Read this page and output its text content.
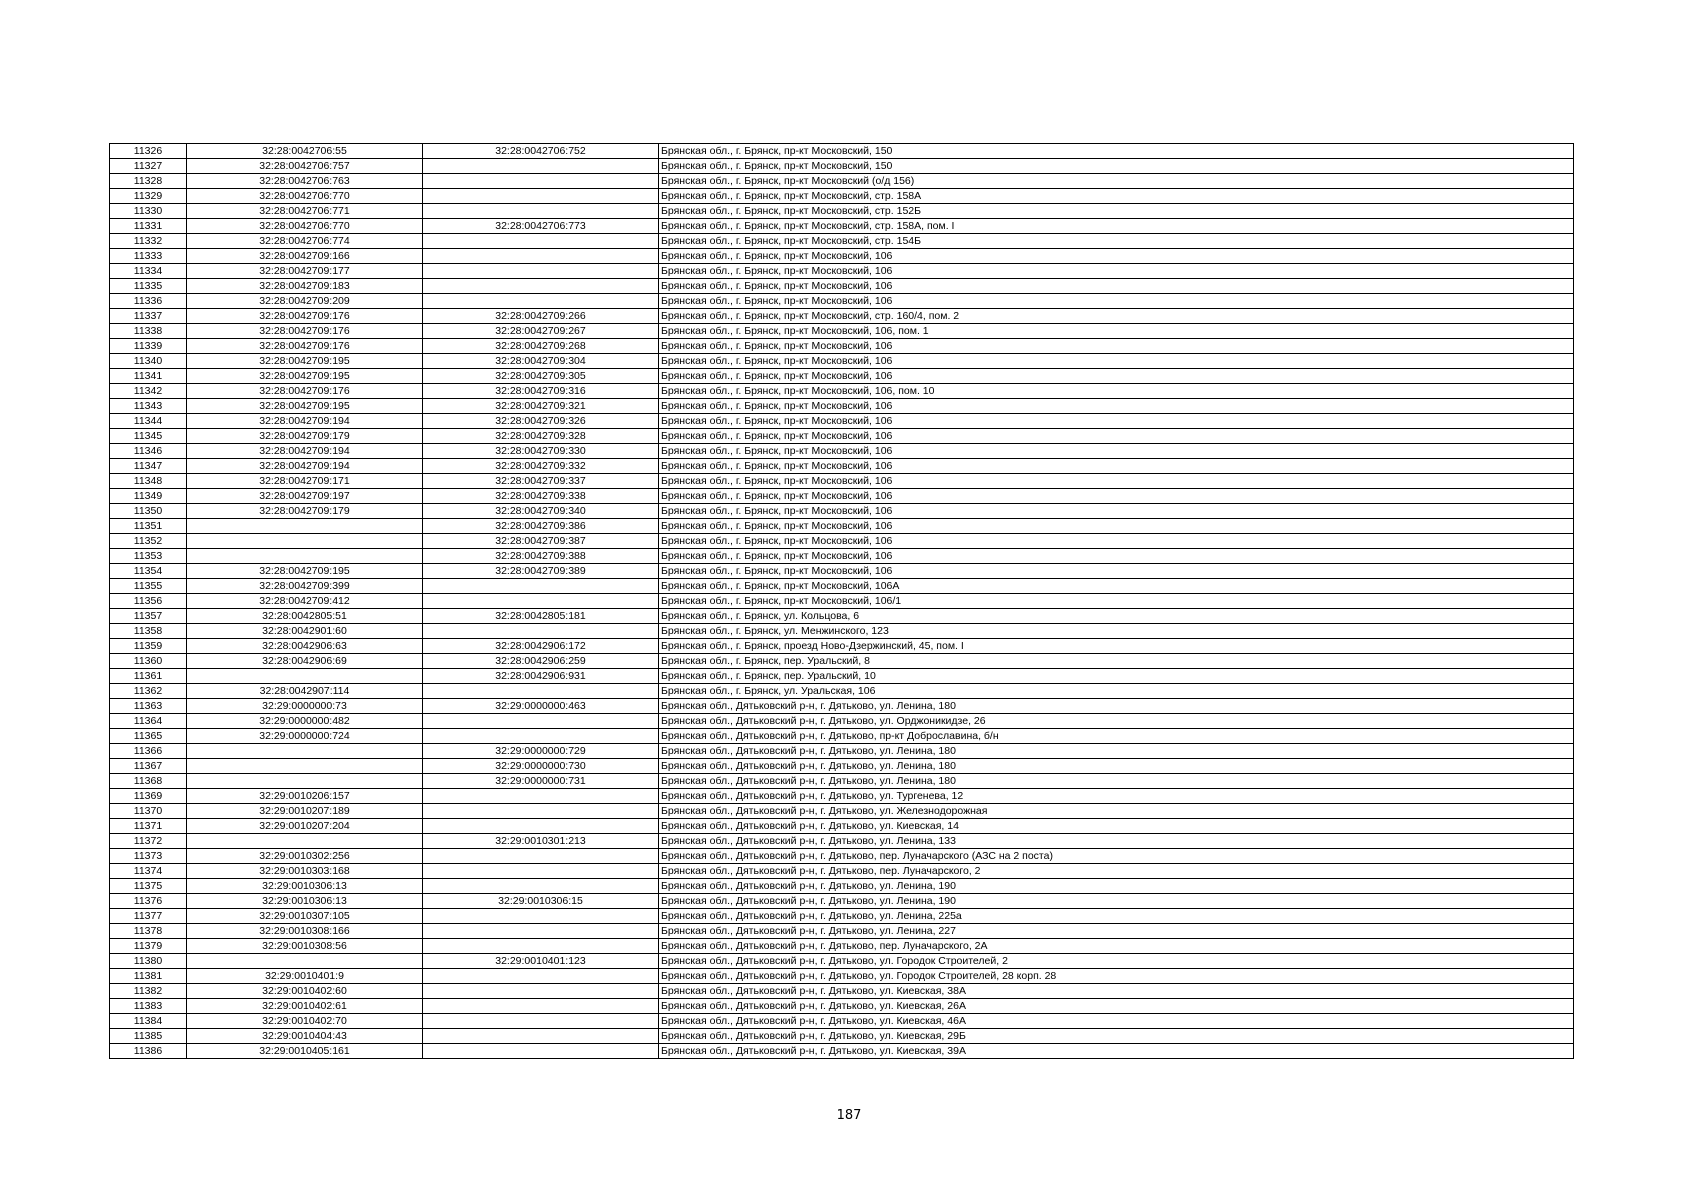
11326	32:28:0042706:55	32:28:0042706:752	Брянская обл., г. Брянск, пр-кт Московский, 150
11327	32:28:0042706:757		Брянская обл., г. Брянск, пр-кт Московский, 150
11328	32:28:0042706:763		Брянская обл., г. Брянск, пр-кт Московский (о/д 156)
11329	32:28:0042706:770		Брянская обл., г. Брянск, пр-кт Московский, стр. 158А
11330	32:28:0042706:771		Брянская обл., г. Брянск, пр-кт Московский, стр. 152Б
11331	32:28:0042706:770	32:28:0042706:773	Брянская обл., г. Брянск, пр-кт Московский, стр. 158А, пом. I
11332	32:28:0042706:774		Брянская обл., г. Брянск, пр-кт Московский, стр. 154Б
11333	32:28:0042709:166		Брянская обл., г. Брянск, пр-кт Московский, 106
11334	32:28:0042709:177		Брянская обл., г. Брянск, пр-кт Московский, 106
11335	32:28:0042709:183		Брянская обл., г. Брянск, пр-кт Московский, 106
11336	32:28:0042709:209		Брянская обл., г. Брянск, пр-кт Московский, 106
11337	32:28:0042709:176	32:28:0042709:266	Брянская обл., г. Брянск, пр-кт Московский, стр. 160/4, пом. 2
11338	32:28:0042709:176	32:28:0042709:267	Брянская обл., г. Брянск, пр-кт Московский, 106, пом. 1
11339	32:28:0042709:176	32:28:0042709:268	Брянская обл., г. Брянск, пр-кт Московский, 106
11340	32:28:0042709:195	32:28:0042709:304	Брянская обл., г. Брянск, пр-кт Московский, 106
11341	32:28:0042709:195	32:28:0042709:305	Брянская обл., г. Брянск, пр-кт Московский, 106
11342	32:28:0042709:176	32:28:0042709:316	Брянская обл., г. Брянск, пр-кт Московский, 106, пом. 10
11343	32:28:0042709:195	32:28:0042709:321	Брянская обл., г. Брянск, пр-кт Московский, 106
11344	32:28:0042709:194	32:28:0042709:326	Брянская обл., г. Брянск, пр-кт Московский, 106
11345	32:28:0042709:179	32:28:0042709:328	Брянская обл., г. Брянск, пр-кт Московский, 106
11346	32:28:0042709:194	32:28:0042709:330	Брянская обл., г. Брянск, пр-кт Московский, 106
11347	32:28:0042709:194	32:28:0042709:332	Брянская обл., г. Брянск, пр-кт Московский, 106
11348	32:28:0042709:171	32:28:0042709:337	Брянская обл., г. Брянск, пр-кт Московский, 106
11349	32:28:0042709:197	32:28:0042709:338	Брянская обл., г. Брянск, пр-кт Московский, 106
11350	32:28:0042709:179	32:28:0042709:340	Брянская обл., г. Брянск, пр-кт Московский, 106
11351		32:28:0042709:386	Брянская обл., г. Брянск, пр-кт Московский, 106
11352		32:28:0042709:387	Брянская обл., г. Брянск, пр-кт Московский, 106
11353		32:28:0042709:388	Брянская обл., г. Брянск, пр-кт Московский, 106
11354	32:28:0042709:195	32:28:0042709:389	Брянская обл., г. Брянск, пр-кт Московский, 106
11355	32:28:0042709:399		Брянская обл., г. Брянск, пр-кт Московский, 106А
11356	32:28:0042709:412		Брянская обл., г. Брянск, пр-кт Московский, 106/1
11357	32:28:0042805:51	32:28:0042805:181	Брянская обл., г. Брянск, ул. Кольцова, 6
11358	32:28:0042901:60		Брянская обл., г. Брянск, ул. Менжинского, 123
11359	32:28:0042906:63	32:28:0042906:172	Брянская обл., г. Брянск, проезд Ново-Дзержинский, 45, пом. I
11360	32:28:0042906:69	32:28:0042906:259	Брянская обл., г. Брянск, пер. Уральский, 8
11361		32:28:0042906:931	Брянская обл., г. Брянск, пер. Уральский, 10
11362	32:28:0042907:114		Брянская обл., г. Брянск, ул. Уральская, 106
11363	32:29:0000000:73	32:29:0000000:463	Брянская обл., Дятьковский р-н, г. Дятьково, ул. Ленина, 180
11364	32:29:0000000:482		Брянская обл., Дятьковский р-н, г. Дятьково, ул. Орджоникидзе, 26
11365	32:29:0000000:724		Брянская обл., Дятьковский р-н, г. Дятьково, пр-кт Доброславина, б/н
11366		32:29:0000000:729	Брянская обл., Дятьковский р-н, г. Дятьково, ул. Ленина, 180
11367		32:29:0000000:730	Брянская обл., Дятьковский р-н, г. Дятьково, ул. Ленина, 180
11368		32:29:0000000:731	Брянская обл., Дятьковский р-н, г. Дятьково, ул. Ленина, 180
11369	32:29:0010206:157		Брянская обл., Дятьковский р-н, г. Дятьково, ул. Тургенева, 12
11370	32:29:0010207:189		Брянская обл., Дятьковский р-н, г. Дятьково, ул. Железнодорожная
11371	32:29:0010207:204		Брянская обл., Дятьковский р-н, г. Дятьково, ул. Киевская, 14
11372		32:29:0010301:213	Брянская обл., Дятьковский р-н, г. Дятьково, ул. Ленина, 133
11373	32:29:0010302:256		Брянская обл., Дятьковский р-н, г. Дятьково, пер. Луначарского (АЗС на 2 поста)
11374	32:29:0010303:168		Брянская обл., Дятьковский р-н, г. Дятьково, пер. Луначарского, 2
11375	32:29:0010306:13		Брянская обл., Дятьковский р-н, г. Дятьково, ул. Ленина, 190
11376	32:29:0010306:13	32:29:0010306:15	Брянская обл., Дятьковский р-н, г. Дятьково, ул. Ленина, 190
11377	32:29:0010307:105		Брянская обл., Дятьковский р-н, г. Дятьково, ул. Ленина, 225а
11378	32:29:0010308:166		Брянская обл., Дятьковский р-н, г. Дятьково, ул. Ленина, 227
11379	32:29:0010308:56		Брянская обл., Дятьковский р-н, г. Дятьково, пер. Луначарского, 2А
11380		32:29:0010401:123	Брянская обл., Дятьковский р-н, г. Дятьково, ул. Городок Строителей, 2
11381	32:29:0010401:9		Брянская обл., Дятьковский р-н, г. Дятьково, ул. Городок Строителей, 28 корп. 28
11382	32:29:0010402:60		Брянская обл., Дятьковский р-н, г. Дятьково, ул. Киевская, 38А
11383	32:29:0010402:61		Брянская обл., Дятьковский р-н, г. Дятьково, ул. Киевская, 26А
11384	32:29:0010402:70		Брянская обл., Дятьковский р-н, г. Дятьково, ул. Киевская, 46А
11385	32:29:0010404:43		Брянская обл., Дятьковский р-н, г. Дятьково, ул. Киевская, 29Б
11386	32:29:0010405:161		Брянская обл., Дятьковский р-н, г. Дятьково, ул. Киевская, 39А
187
